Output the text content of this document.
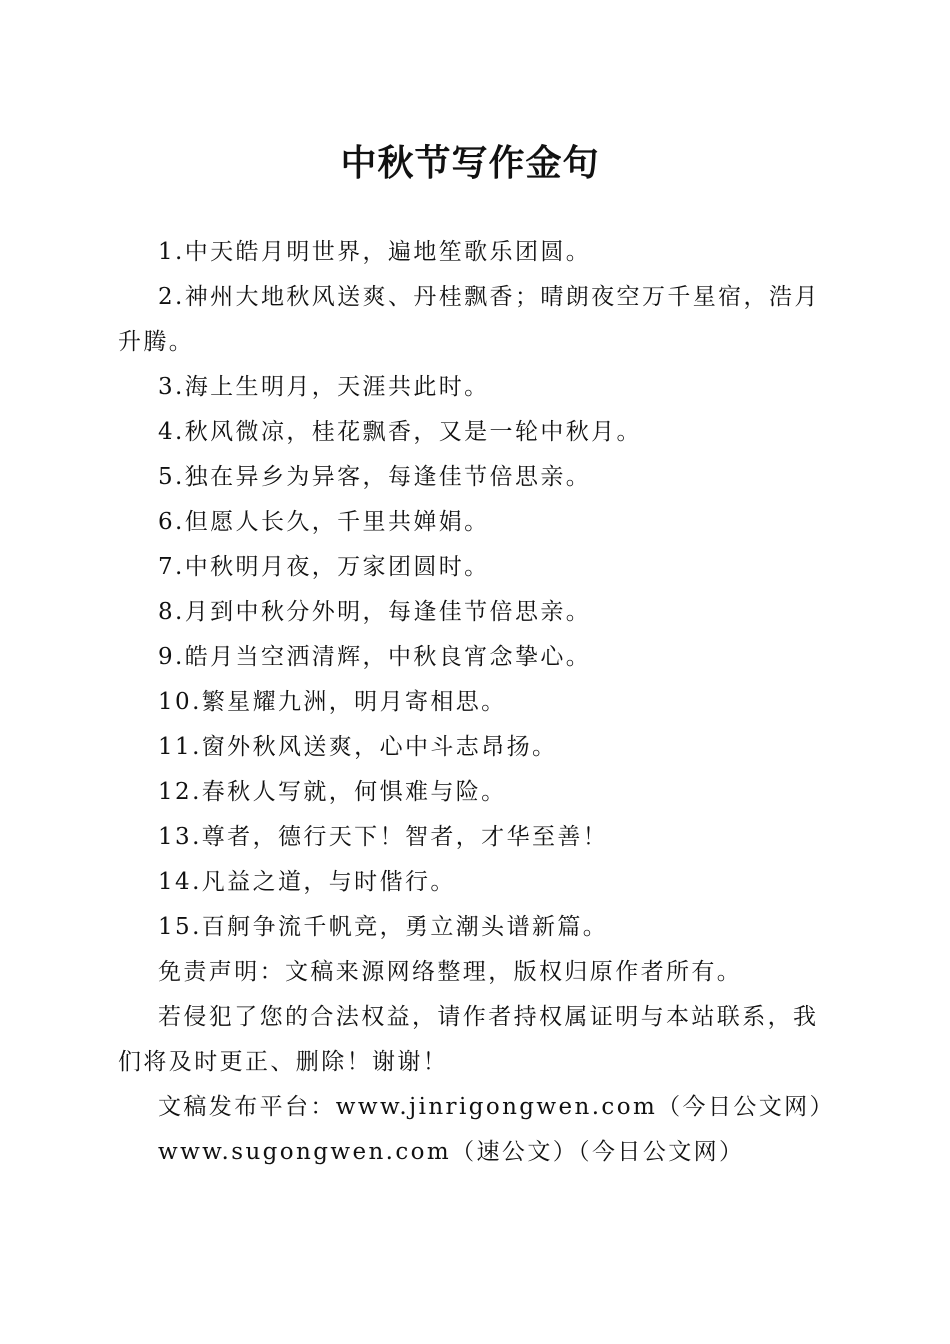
中秋节写作金句

1.中天皓月明世界，遍地笙歌乐团圆。

2.神州大地秋风送爽、丹桂飘香；晴朗夜空万千星宿，浩月升腾。

3.海上生明月，天涯共此时。

4.秋风微凉，桂花飘香，又是一轮中秋月。

5.独在异乡为异客，每逢佳节倍思亲。

6.但愿人长久，千里共婵娟。

7.中秋明月夜，万家团圆时。

8.月到中秋分外明，每逢佳节倍思亲。

9.皓月当空洒清辉，中秋良宵念挚心。

10.繁星耀九洲，明月寄相思。

11.窗外秋风送爽，心中斗志昂扬。

12.春秋人写就，何惧难与险。

13.尊者，德行天下！智者，才华至善！

14.凡益之道，与时偕行。

15.百舸争流千帆竞，勇立潮头谱新篇。

免责声明：文稿来源网络整理，版权归原作者所有。

若侵犯了您的合法权益，请作者持权属证明与本站联系，我们将及时更正、删除！谢谢！

文稿发布平台：www.jinrigongwen.com（今日公文网）

www.sugongwen.com（速公文）（今日公文网）
